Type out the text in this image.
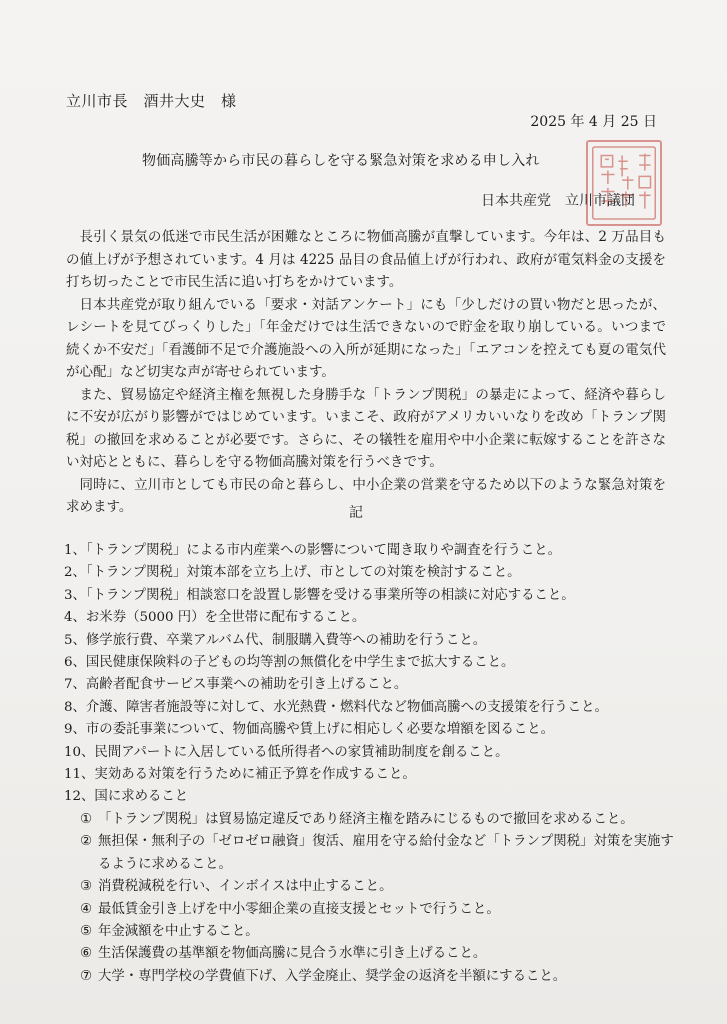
立川市長　酒井大史　様
2025 年 4 月 25 日
物価高騰等から市民の暮らしを守る緊急対策を求める申し入れ
日本共産党　立川市議団

長引く景気の低迷で市民生活が困難なところに物価高騰が直撃しています。今年は、2 万品目もの値上げが予想されています。4 月は 4225 品目の食品値上げが行われ、政府が電気料金の支援を打ち切ったことで市民生活に追い打ちをかけています。

日本共産党が取り組んでいる「要求・対話アンケート」にも「少しだけの買い物だと思ったが、レシートを見てびっくりした」「年金だけでは生活できないので貯金を取り崩している。いつまで続くか不安だ」「看護師不足で介護施設への入所が延期になった」「エアコンを控えても夏の電気代が心配」など切実な声が寄せられています。

また、貿易協定や経済主権を無視した身勝手な「トランプ関税」の暴走によって、経済や暮らしに不安が広がり影響がではじめています。いまこそ、政府がアメリカいいなりを改め「トランプ関税」の撤回を求めることが必要です。さらに、その犠牲を雇用や中小企業に転嫁することを許さない対応とともに、暮らしを守る物価高騰対策を行うべきです。

同時に、立川市としても市民の命と暮らし、中小企業の営業を守るため以下のような緊急対策を求めます。	記
1、「トランプ関税」による市内産業への影響について聞き取りや調査を行うこと。
2、「トランプ関税」対策本部を立ち上げ、市としての対策を検討すること。
3、「トランプ関税」相談窓口を設置し影響を受ける事業所等の相談に対応すること。
4、お米券（5000 円）を全世帯に配布すること。
5、修学旅行費、卒業アルバム代、制服購入費等への補助を行うこと。
6、国民健康保険料の子どもの均等割の無償化を中学生まで拡大すること。
7、高齢者配食サービス事業への補助を引き上げること。
8、介護、障害者施設等に対して、水光熱費・燃料代など物価高騰への支援策を行うこと。
9、市の委託事業について、物価高騰や賃上げに相応しく必要な増額を図ること。
10、民間アパートに入居している低所得者への家賃補助制度を創ること。
11、実効ある対策を行うために補正予算を作成すること。
12、国に求めること
① 「トランプ関税」は貿易協定違反であり経済主権を踏みにじるもので撤回を求めること。
② 無担保・無利子の「ゼロゼロ融資」復活、雇用を守る給付金など「トランプ関税」対策を実施するように求めること。
③ 消費税減税を行い、インボイスは中止すること。
④ 最低賃金引き上げを中小零細企業の直接支援とセットで行うこと。
⑤ 年金減額を中止すること。
⑥ 生活保護費の基準額を物価高騰に見合う水準に引き上げること。
⑦ 大学・専門学校の学費値下げ、入学金廃止、奨学金の返済を半額にすること。
